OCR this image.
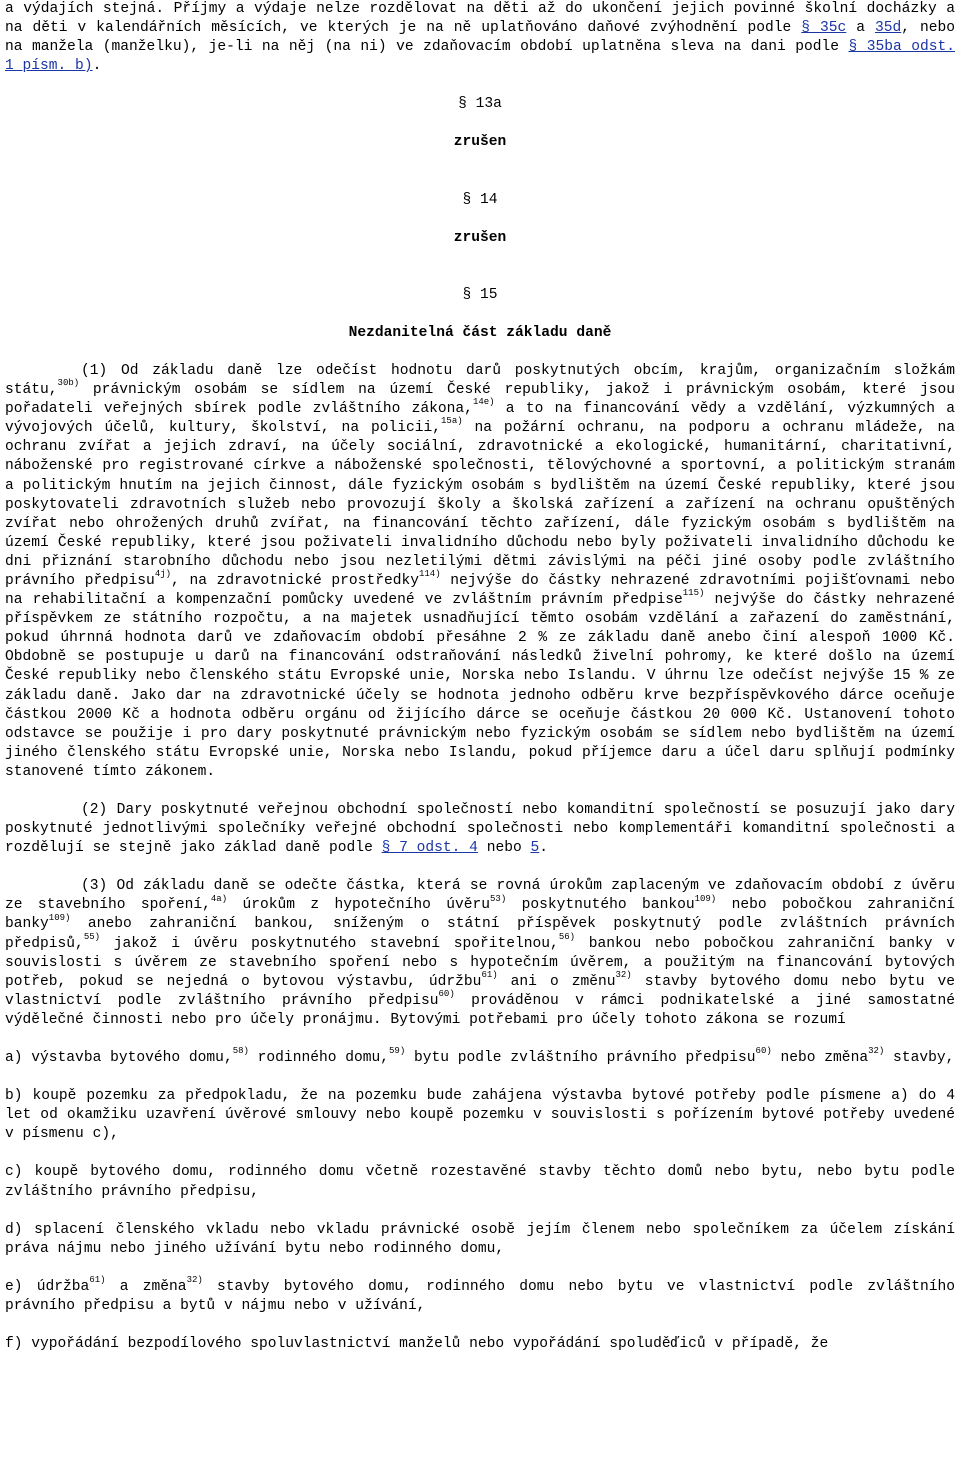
a výdajích stejná. Příjmy a výdaje nelze rozdělovat na děti až do ukončení jejich povinné školní docházky a na děti v kalendářních měsících, ve kterých je na ně uplatňováno daňové zvýhodnění podle § 35c a 35d, nebo na manžela (manželku), je-li na něj (na ni) ve zdaňovacím období uplatněna sleva na dani podle § 35ba odst. 1 písm. b).

§ 13a

zrušen

§ 14

zrušen

§ 15

Nezdanitelná část základu daně

(1) Od základu daně lze odečíst hodnotu darů poskytnutých obcím, krajům, organizačním složkám státu,$^{30b)}$ právnickým osobám se sídlem na území České republiky, jakož i právnickým osobám, které jsou pořadateli veřejných sbírek podle zvláštního zákona,$^{14e)}$ a to na financování vědy a vzdělání, výzkumných a vývojových účelů, kultury, školství, na policii,$^{15a)}$ na požární ochranu, na podporu a ochranu mládeže, na ochranu zvířat a jejich zdraví, na účely sociální, zdravotnické a ekologické, humanitární, charitativní, náboženské pro registrované církve a náboženské společnosti, tělovýchovné a sportovní, a politickým stranám a politickým hnutím na jejich činnost, dále fyzickým osobám s bydlištěm na území České republiky, které jsou poskytovateli zdravotních služeb nebo provozují školy a školská zařízení a zařízení na ochranu opuštěných zvířat nebo ohrožených druhů zvířat, na financování těchto zařízení, dále fyzickým osobám s bydlištěm na území České republiky, které jsou poživateli invalidního důchodu nebo byly poživateli invalidního důchodu ke dni přiznání starobního důchodu nebo jsou nezletilými dětmi závislými na péči jiné osoby podle zvláštního právního předpisu$^{4j)}$, na zdravotnické prostředky$^{114)}$ nejvýše do částky nehrazené zdravotními pojišťovnami nebo na rehabilitační a kompenzační pomůcky uvedené ve zvláštním právním předpise$^{115)}$ nejvýše do částky nehrazené příspěvkem ze státního rozpočtu, a na majetek usnadňující těmto osobám vzdělání a zařazení do zaměstnání, pokud úhrnná hodnota darů ve zdaňovacím období přesáhne 2 % ze základu daně anebo činí alespoň 1000 Kč. Obdobně se postupuje u darů na financování odstraňování následků živelní pohromy, ke které došlo na území České republiky nebo členského státu Evropské unie, Norska nebo Islandu. V úhrnu lze odečíst nejvýše 15 % ze základu daně. Jako dar na zdravotnické účely se hodnota jednoho odběru krve bezpříspěvkového dárce oceňuje částkou 2000 Kč a hodnota odběru orgánu od žijícího dárce se oceňuje částkou 20 000 Kč. Ustanovení tohoto odstavce se použije i pro dary poskytnuté právnickým nebo fyzickým osobám se sídlem nebo bydlištěm na území jiného členského státu Evropské unie, Norska nebo Islandu, pokud příjemce daru a účel daru splňují podmínky stanovené tímto zákonem.

(2) Dary poskytnuté veřejnou obchodní společností nebo komanditní společností se posuzují jako dary poskytnuté jednotlivými společníky veřejné obchodní společnosti nebo komplementáři komanditní společnosti a rozdělují se stejně jako základ daně podle § 7 odst. 4 nebo 5.

(3) Od základu daně se odečte částka, která se rovná úrokům zaplaceným ve zdaňovacím období z úvěru ze stavebního spoření,$^{4a)}$ úrokům z hypotečního úvěru$^{53)}$ poskytnutého bankou$^{109)}$ nebo pobočkou zahraniční banky$^{109)}$ anebo zahraniční bankou, sníženým o státní příspěvek poskytnutý podle zvláštních právních předpisů,$^{55)}$ jakož i úvěru poskytnutého stavební spořitelnou,$^{56)}$ bankou nebo pobočkou zahraniční banky v souvislosti s úvěrem ze stavebního spoření nebo s hypotečním úvěrem, a použitým na financování bytových potřeb, pokud se nejedná o bytovou výstavbu, údržbu$^{61)}$ ani o změnu$^{32)}$ stavby bytového domu nebo bytu ve vlastnictví podle zvláštního právního předpisu$^{60)}$ prováděnou v rámci podnikatelské a jiné samostatné výdělečné činnosti nebo pro účely pronájmu. Bytovými potřebami pro účely tohoto zákona se rozumí

a) výstavba bytového domu,$^{58)}$ rodinného domu,$^{59)}$ bytu podle zvláštního právního předpisu$^{60)}$ nebo změna$^{32)}$ stavby,

b) koupě pozemku za předpokladu, že na pozemku bude zahájena výstavba bytové potřeby podle písmene a) do 4 let od okamžiku uzavření úvěrové smlouvy nebo koupě pozemku v souvislosti s pořízením bytové potřeby uvedené v písmenu c),

c) koupě bytového domu, rodinného domu včetně rozestavěné stavby těchto domů nebo bytu, nebo bytu podle zvláštního právního předpisu,

d) splacení členského vkladu nebo vkladu právnické osobě jejím členem nebo společníkem za účelem získání práva nájmu nebo jiného užívání bytu nebo rodinného domu,

e) údržba$^{61)}$ a změna$^{32)}$ stavby bytového domu, rodinného domu nebo bytu ve vlastnictví podle zvláštního právního předpisu a bytů v nájmu nebo v užívání,

f) vypořádání bezpodílového spoluvlastnictví manželů nebo vypořádání spoluděďiců v případě, že
